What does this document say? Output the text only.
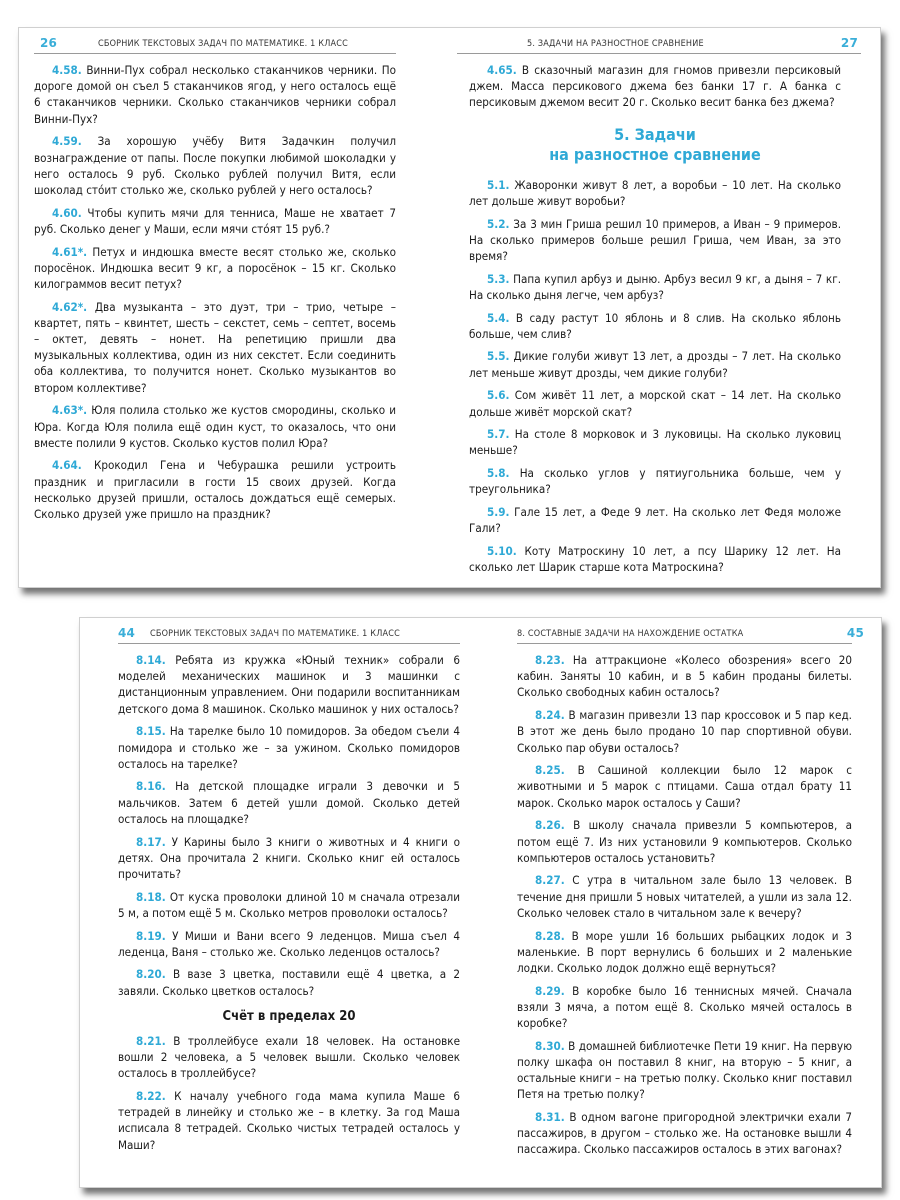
26	СБОРНИК ТЕКСТОВЫХ ЗАДАЧ ПО МАТЕМАТИКЕ. 1 КЛАСС

4.58. Винни-Пух собрал несколько стаканчиков черники. По дороге домой он съел 5 стаканчиков ягод, у него осталось ещё 6 стаканчиков черники. Сколько стаканчиков черники собрал Винни-Пух?

4.59. За хорошую учёбу Витя Задачкин получил вознаграждение от папы. После покупки любимой шоколадки у него осталось 9 руб. Сколько рублей получил Витя, если шоколад стóит столько же, сколько рублей у него осталось?

4.60. Чтобы купить мячи для тенниса, Маше не хватает 7 руб. Сколько денег у Маши, если мячи стóят 15 руб.?

4.61*. Петух и индюшка вместе весят столько же, сколько поросёнок. Индюшка весит 9 кг, а поросёнок – 15 кг. Сколько килограммов весит петух?

4.62*. Два музыканта – это дуэт, три – трио, четыре – квартет, пять – квинтет, шесть – секстет, семь – септет, восемь – октет, девять – нонет. На репетицию пришли два музыкальных коллектива, один из них секстет. Если соединить оба коллектива, то получится нонет. Сколько музыкантов во втором коллективе?

4.63*. Юля полила столько же кустов смородины, сколько и Юра. Когда Юля полила ещё один куст, то оказалось, что они вместе полили 9 кустов. Сколько кустов полил Юра?

4.64. Крокодил Гена и Чебурашка решили устроить праздник и пригласили в гости 15 своих друзей. Когда несколько друзей пришли, осталось дождаться ещё семерых. Сколько друзей уже пришло на праздник?

5. ЗАДАЧИ НА РАЗНОСТНОЕ СРАВНЕНИЕ	27

4.65. В сказочный магазин для гномов привезли персиковый джем. Масса персикового джема без банки 17 г. А банка с персиковым джемом весит 20 г. Сколько весит банка без джема?

5. Задачи
на разностное сравнение

5.1. Жаворонки живут 8 лет, а воробьи – 10 лет. На сколько лет дольше живут воробьи?

5.2. За 3 мин Гриша решил 10 примеров, а Иван – 9 примеров. На сколько примеров больше решил Гриша, чем Иван, за это время?

5.3. Папа купил арбуз и дыню. Арбуз весил 9 кг, а дыня – 7 кг. На сколько дыня легче, чем арбуз?

5.4. В саду растут 10 яблонь и 8 слив. На сколько яблонь больше, чем слив?

5.5. Дикие голуби живут 13 лет, а дрозды – 7 лет. На сколько лет меньше живут дрозды, чем дикие голуби?

5.6. Сом живёт 11 лет, а морской скат – 14 лет. На сколько дольше живёт морской скат?

5.7. На столе 8 морковок и 3 луковицы. На сколько луковиц меньше?

5.8. На сколько углов у пятиугольника больше, чем у треугольника?

5.9. Гале 15 лет, а Феде 9 лет. На сколько лет Федя моложе Гали?

5.10. Коту Матроскину 10 лет, а псу Шарику 12 лет. На сколько лет Шарик старше кота Матроскина?

44 СБОРНИК ТЕКСТОВЫХ ЗАДАЧ ПО МАТЕМАТИКЕ. 1 КЛАСС

8.14. Ребята из кружка «Юный техник» собрали 6 моделей механических машинок и 3 машинки с дистанционным управлением. Они подарили воспитанникам детского дома 8 машинок. Сколько машинок у них осталось?

8.15. На тарелке было 10 помидоров. За обедом съели 4 помидора и столько же – за ужином. Сколько помидоров осталось на тарелке?

8.16. На детской площадке играли 3 девочки и 5 мальчиков. Затем 6 детей ушли домой. Сколько детей осталось на площадке?

8.17. У Карины было 3 книги о животных и 4 книги о детях. Она прочитала 2 книги. Сколько книг ей осталось прочитать?

8.18. От куска проволоки длиной 10 м сначала отрезали 5 м, а потом ещё 5 м. Сколько метров проволоки осталось?

8.19. У Миши и Вани всего 9 леденцов. Миша съел 4 леденца, Ваня – столько же. Сколько леденцов осталось?

8.20. В вазе 3 цветка, поставили ещё 4 цветка, а 2 завяли. Сколько цветков осталось?

Счёт в пределах 20

8.21. В троллейбусе ехали 18 человек. На остановке вошли 2 человека, а 5 человек вышли. Сколько человек осталось в троллейбусе?

8.22. К началу учебного года мама купила Маше 6 тетрадей в линейку и столько же – в клетку. За год Маша исписала 8 тетрадей. Сколько чистых тетрадей осталось у Маши?

8. СОСТАВНЫЕ ЗАДАЧИ НА НАХОЖДЕНИЕ ОСТАТКА	45

8.23. На аттракционе «Колесо обозрения» всего 20 кабин. Заняты 10 кабин, и в 5 кабин проданы билеты. Сколько свободных кабин осталось?

8.24. В магазин привезли 13 пар кроссовок и 5 пар кед. В этот же день было продано 10 пар спортивной обуви. Сколько пар обуви осталось?

8.25. В Сашиной коллекции было 12 марок с животными и 5 марок с птицами. Саша отдал брату 11 марок. Сколько марок осталось у Саши?

8.26. В школу сначала привезли 5 компьютеров, а потом ещё 7. Из них установили 9 компьютеров. Сколько компьютеров осталось установить?

8.27. С утра в читальном зале было 13 человек. В течение дня пришли 5 новых читателей, а ушли из зала 12. Сколько человек стало в читальном зале к вечеру?

8.28. В море ушли 16 больших рыбацких лодок и 3 маленькие. В порт вернулись 6 больших и 2 маленькие лодки. Сколько лодок должно ещё вернуться?

8.29. В коробке было 16 теннисных мячей. Сначала взяли 3 мяча, а потом ещё 8. Сколько мячей осталось в коробке?

8.30. В домашней библиотечке Пети 19 книг. На первую полку шкафа он поставил 8 книг, на вторую – 5 книг, а остальные книги – на третью полку. Сколько книг поставил Петя на третью полку?

8.31. В одном вагоне пригородной электрички ехали 7 пассажиров, в другом – столько же. На остановке вышли 4 пассажира. Сколько пассажиров осталось в этих вагонах?
